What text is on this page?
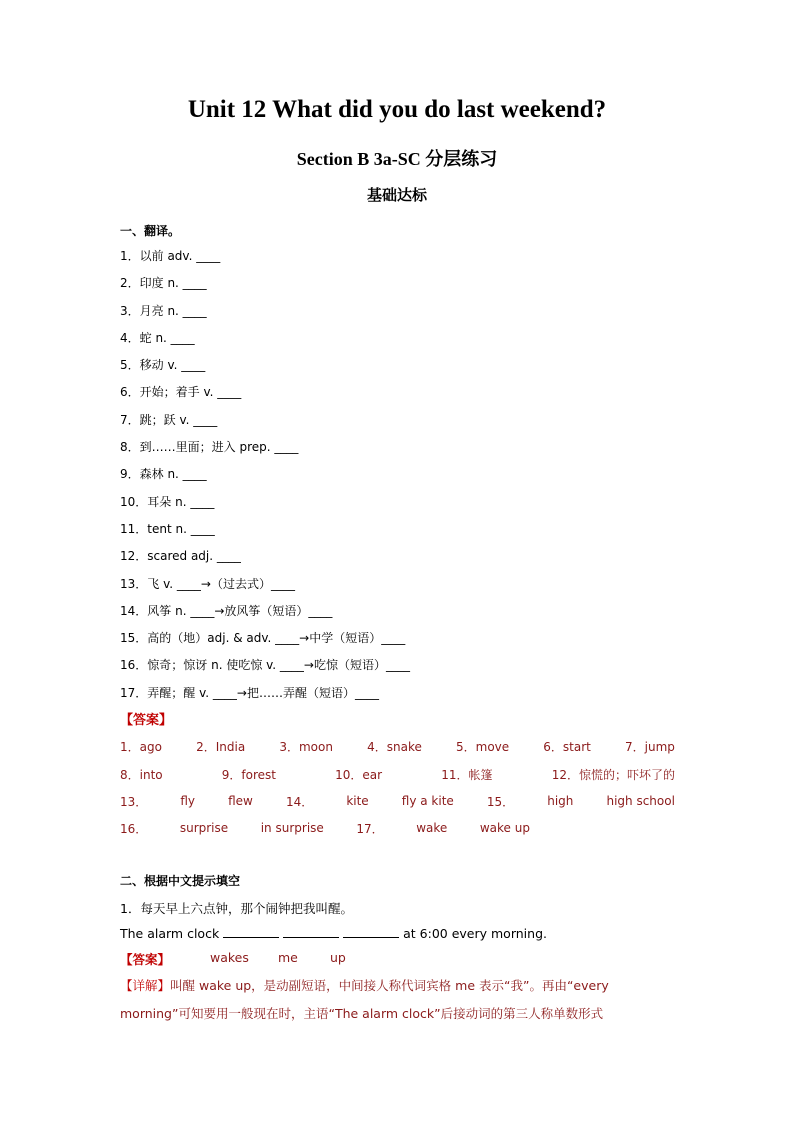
Unit 12 What did you do last weekend?
Section B 3a-SC 分层练习
基础达标
一、翻译。
1．以前 adv. ____
2．印度 n. ____
3．月亮 n. ____
4．蛇 n. ____
5．移动 v. ____
6．开始；着手 v. ____
7．跳；跃 v. ____
8．到……里面；进入 prep. ____
9．森林 n. ____
10．耳朵 n. ____
11．tent n. ____
12．scared adj. ____
13．飞 v. ____→（过去式）____
14．风筝 n. ____→放风筝（短语）____
15．高的（地）adj. & adv. ____→中学（短语）____
16．惊奇；惊讶 n. 使吃惊 v. ____→吃惊（短语）____
17．弄醒；醒 v. ____→把……弄醒（短语）____
【答案】
1．ago	2．India	3．moon	4．snake	5．move	6．start	7．jump
8．into	9．forest	10．ear	11．帐篷	12．惊慌的；吓坏了的
13．	fly	flew	14．	kite	fly a kite	15．	high	high school
16．	surprise	in surprise	17．	wake	wake up
二、根据中文提示填空
1．每天早上六点钟，那个闹钟把我叫醒。
The alarm clock	at 6:00 every morning.
【答案】	wakes	me	up
【详解】叫醒 wake up，是动副短语，中间接人称代词宾格 me 表示“我”。再由“every morning”可知要用一般现在时，主语“The alarm clock”后接动词的第三人称单数形式
